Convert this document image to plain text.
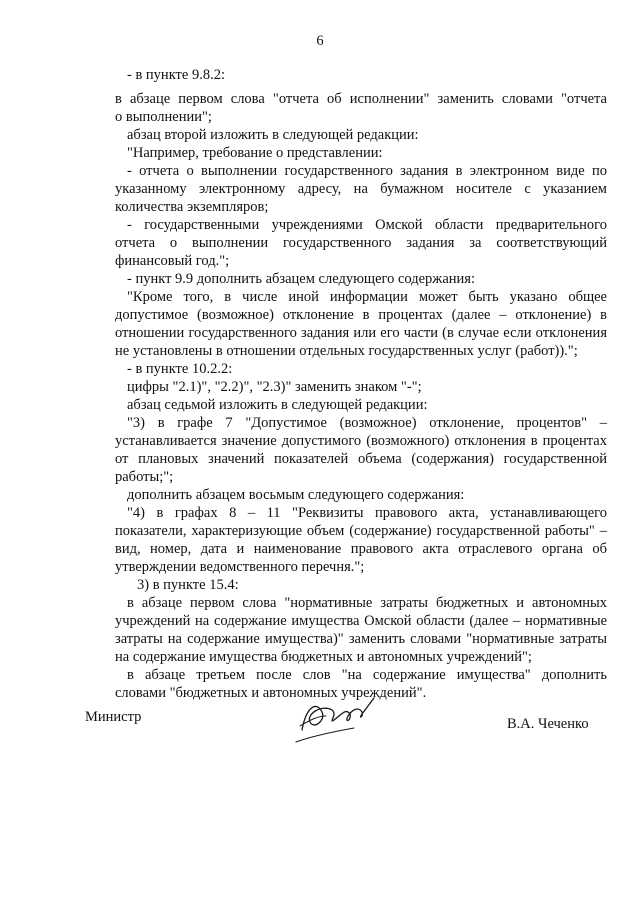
6
- в пункте 9.8.2:
в абзаце первом слова "отчета об исполнении" заменить словами "отчета
о выполнении";
абзац второй изложить в следующей редакции:
"Например, требование о представлении:
- отчета о выполнении государственного задания в электронном виде по
указанному электронному адресу, на бумажном носителе с указанием
количества экземпляров;
- государственными учреждениями Омской области предварительного
отчета о выполнении государственного задания за соответствующий
финансовый год.";
- пункт 9.9 дополнить абзацем следующего содержания:
"Кроме того, в числе иной информации может быть указано общее
допустимое (возможное) отклонение в процентах (далее – отклонение) в
отношении государственного задания или его части (в случае если отклонения
не установлены в отношении отдельных государственных услуг (работ)).";
- в пункте 10.2.2:
цифры "2.1)", "2.2)", "2.3)" заменить знаком "-";
абзац седьмой изложить в следующей редакции:
"3) в графе 7 "Допустимое (возможное) отклонение, процентов" –
устанавливается значение допустимого (возможного) отклонения в процентах
от плановых значений показателей объема (содержания) государственной
работы;";
дополнить абзацем восьмым следующего содержания:
"4) в графах 8 – 11 "Реквизиты правового акта, устанавливающего
показатели, характеризующие объем (содержание) государственной работы" –
вид, номер, дата и наименование правового акта отраслевого органа об
утверждении ведомственного перечня.";
3) в пункте 15.4:
в абзаце первом слова "нормативные затраты бюджетных и автономных
учреждений на содержание имущества Омской области (далее – нормативные
затраты на содержание имущества)" заменить словами "нормативные затраты
на содержание имущества бюджетных и автономных учреждений";
в абзаце третьем после слов "на содержание имущества" дополнить
словами "бюджетных и автономных учреждений".
Министр	В.А. Чеченко
